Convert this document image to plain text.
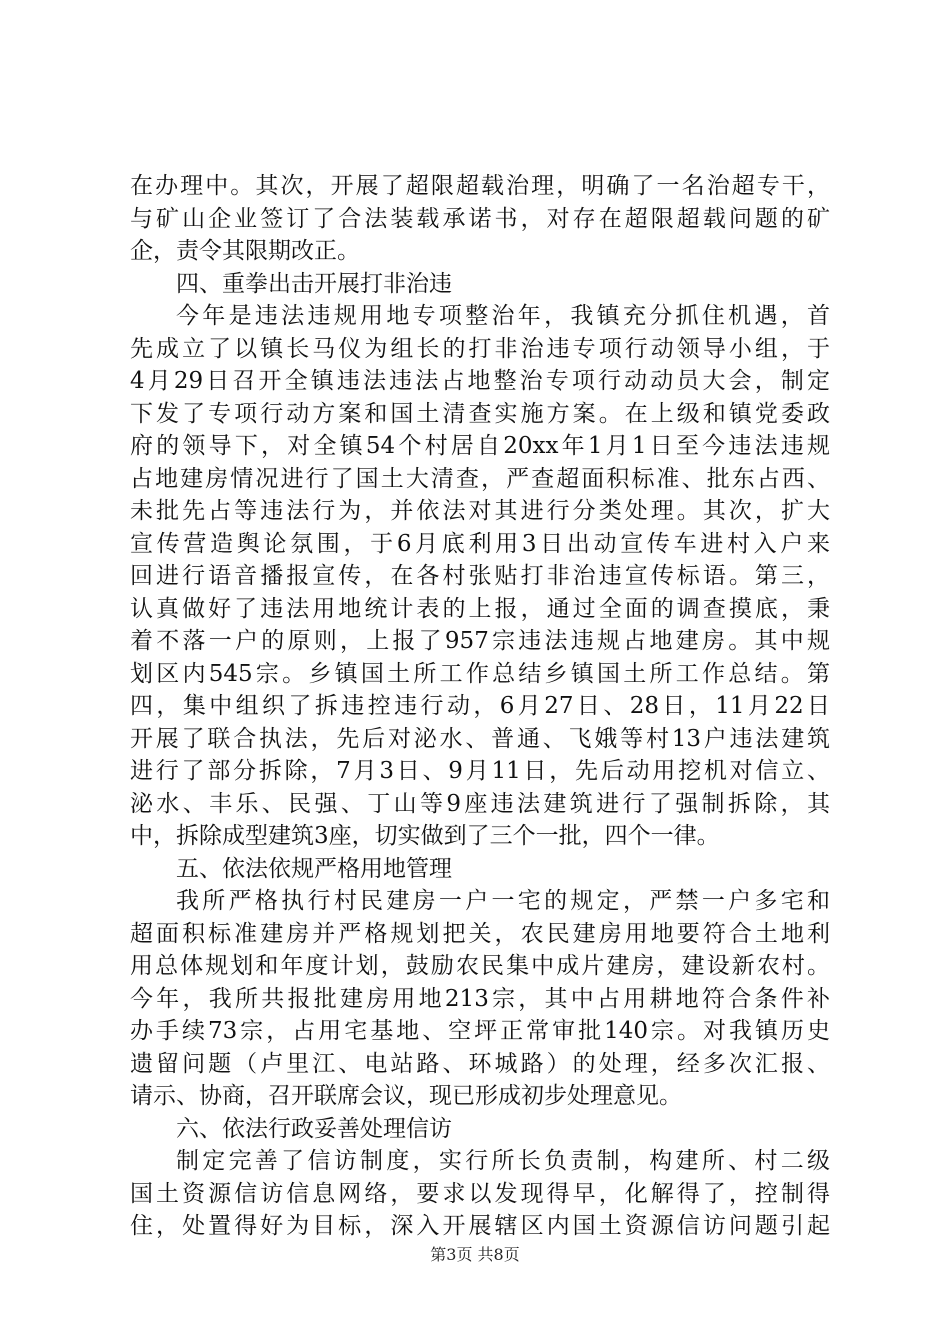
在办理中。其次，开展了超限超载治理，明确了一名治超专干，
与矿山企业签订了合法装载承诺书，对存在超限超载问题的矿
企，责令其限期改正。
四、重拳出击开展打非治违
今年是违法违规用地专项整治年，我镇充分抓住机遇，首
先成立了以镇长马仪为组长的打非治违专项行动领导小组，于
4月29日召开全镇违法违法占地整治专项行动动员大会，制定
下发了专项行动方案和国土清查实施方案。在上级和镇党委政
府的领导下，对全镇54个村居自20xx年1月1日至今违法违规
占地建房情况进行了国土大清查，严查超面积标准、批东占西、
未批先占等违法行为，并依法对其进行分类处理。其次，扩大
宣传营造舆论氛围，于6月底利用3日出动宣传车进村入户来
回进行语音播报宣传，在各村张贴打非治违宣传标语。第三，
认真做好了违法用地统计表的上报，通过全面的调查摸底，秉
着不落一户的原则，上报了957宗违法违规占地建房。其中规
划区内545宗。乡镇国土所工作总结乡镇国土所工作总结。第
四，集中组织了拆违控违行动，6月27日、28日，11月22日
开展了联合执法，先后对泌水、普通、飞娥等村13户违法建筑
进行了部分拆除，7月3日、9月11日，先后动用挖机对信立、
泌水、丰乐、民强、丁山等9座违法建筑进行了强制拆除，其
中，拆除成型建筑3座，切实做到了三个一批，四个一律。
五、依法依规严格用地管理
我所严格执行村民建房一户一宅的规定，严禁一户多宅和
超面积标准建房并严格规划把关，农民建房用地要符合土地利
用总体规划和年度计划，鼓励农民集中成片建房，建设新农村。
今年，我所共报批建房用地213宗，其中占用耕地符合条件补
办手续73宗，占用宅基地、空坪正常审批140宗。对我镇历史
遗留问题（卢里江、电站路、环城路）的处理，经多次汇报、
请示、协商，召开联席会议，现已形成初步处理意见。
六、依法行政妥善处理信访
制定完善了信访制度，实行所长负责制，构建所、村二级
国土资源信访信息网络，要求以发现得早，化解得了，控制得
住，处置得好为目标，深入开展辖区内国土资源信访问题引起
第3页 共8页
